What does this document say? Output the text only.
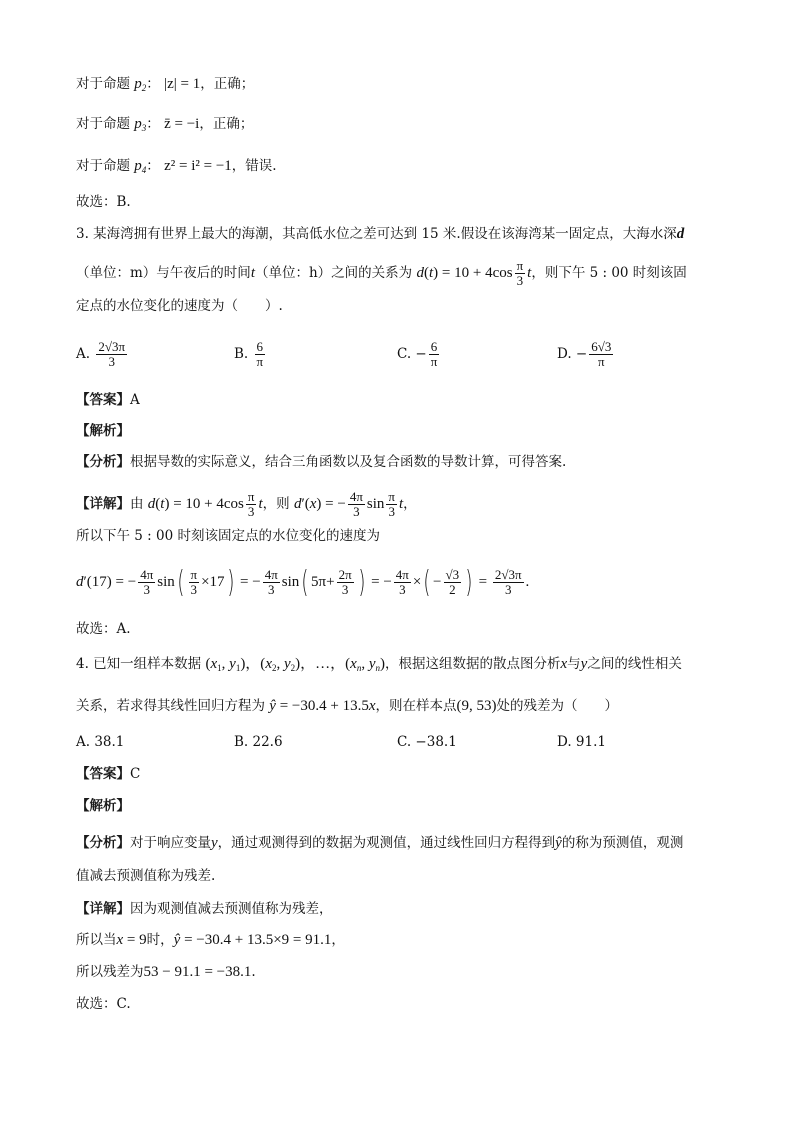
对于命题 $p_2$： |z| = 1，正确；
对于命题 $p_3$： z̄ = −i，正确；
对于命题 $p_4$： z² = i² = −1，错误.
故选：B.
3. 某海湾拥有世界上最大的海潮，其高低水位之差可达到 15 米.假设在该海湾某一固定点，大海水深d
（单位：m）与午夜后的时间t（单位：h）之间的关系为 $d(t) = 10 + 4\cos \frac{\pi}{3}$ t，则下午 5 : 00 时刻该固
定点的水位变化的速度为（　　）.
A. $\frac{2√3\pi}{3}$	B. $\frac{6}{\pi}$	C. − $\frac{6}{\pi}$	D. − $\frac{6√3}{\pi}$
【答案】A
【解析】
【分析】根据导数的实际意义，结合三角函数以及复合函数的导数计算，可得答案.
【详解】由 $d(t) = 10 + 4\cos \frac{\pi}{3}$ t，则 d′(x) = − $\frac{4\pi}{3}$ $\sin \frac{\pi}{3}$ t，
所以下午 5 : 00 时刻该固定点的水位变化的速度为
d′(17) = − $\frac{4\pi}{3} \sin( \frac{\pi}{3} \times 17)$ = − $\frac{4\pi}{3} \sin$( $5\pi+ \frac{2\pi}{3}$ ) = − $\frac{4\pi}{3}$ ×( − $\frac{√3}{2}$ ) = $\frac{2√3\pi}{3}$ .
故选：A.
4. 已知一组样本数据 ($x_1$, $y_1$)，($x_2$, $y_2$)，…，($x_n$, $y_n$)，根据这组数据的散点图分析x与y之间的线性相关
关系，若求得其线性回归方程为 ŷ = −30.4 + 13.5x，则在样本点(9, 53)处的残差为（　　）
A. 38.1	B. 22.6	C. −38.1	D. 91.1
【答案】C
【解析】
【分析】对于响应变量y，通过观测得到的数据为观测值，通过线性回归方程得到ŷ的称为预测值，观测
值减去预测值称为残差.
【详解】因为观测值减去预测值称为残差，
所以当x = 9时，ŷ = −30.4 + 13.5×9 = 91.1，
所以残差为53 − 91.1 = −38.1.
故选：C.
